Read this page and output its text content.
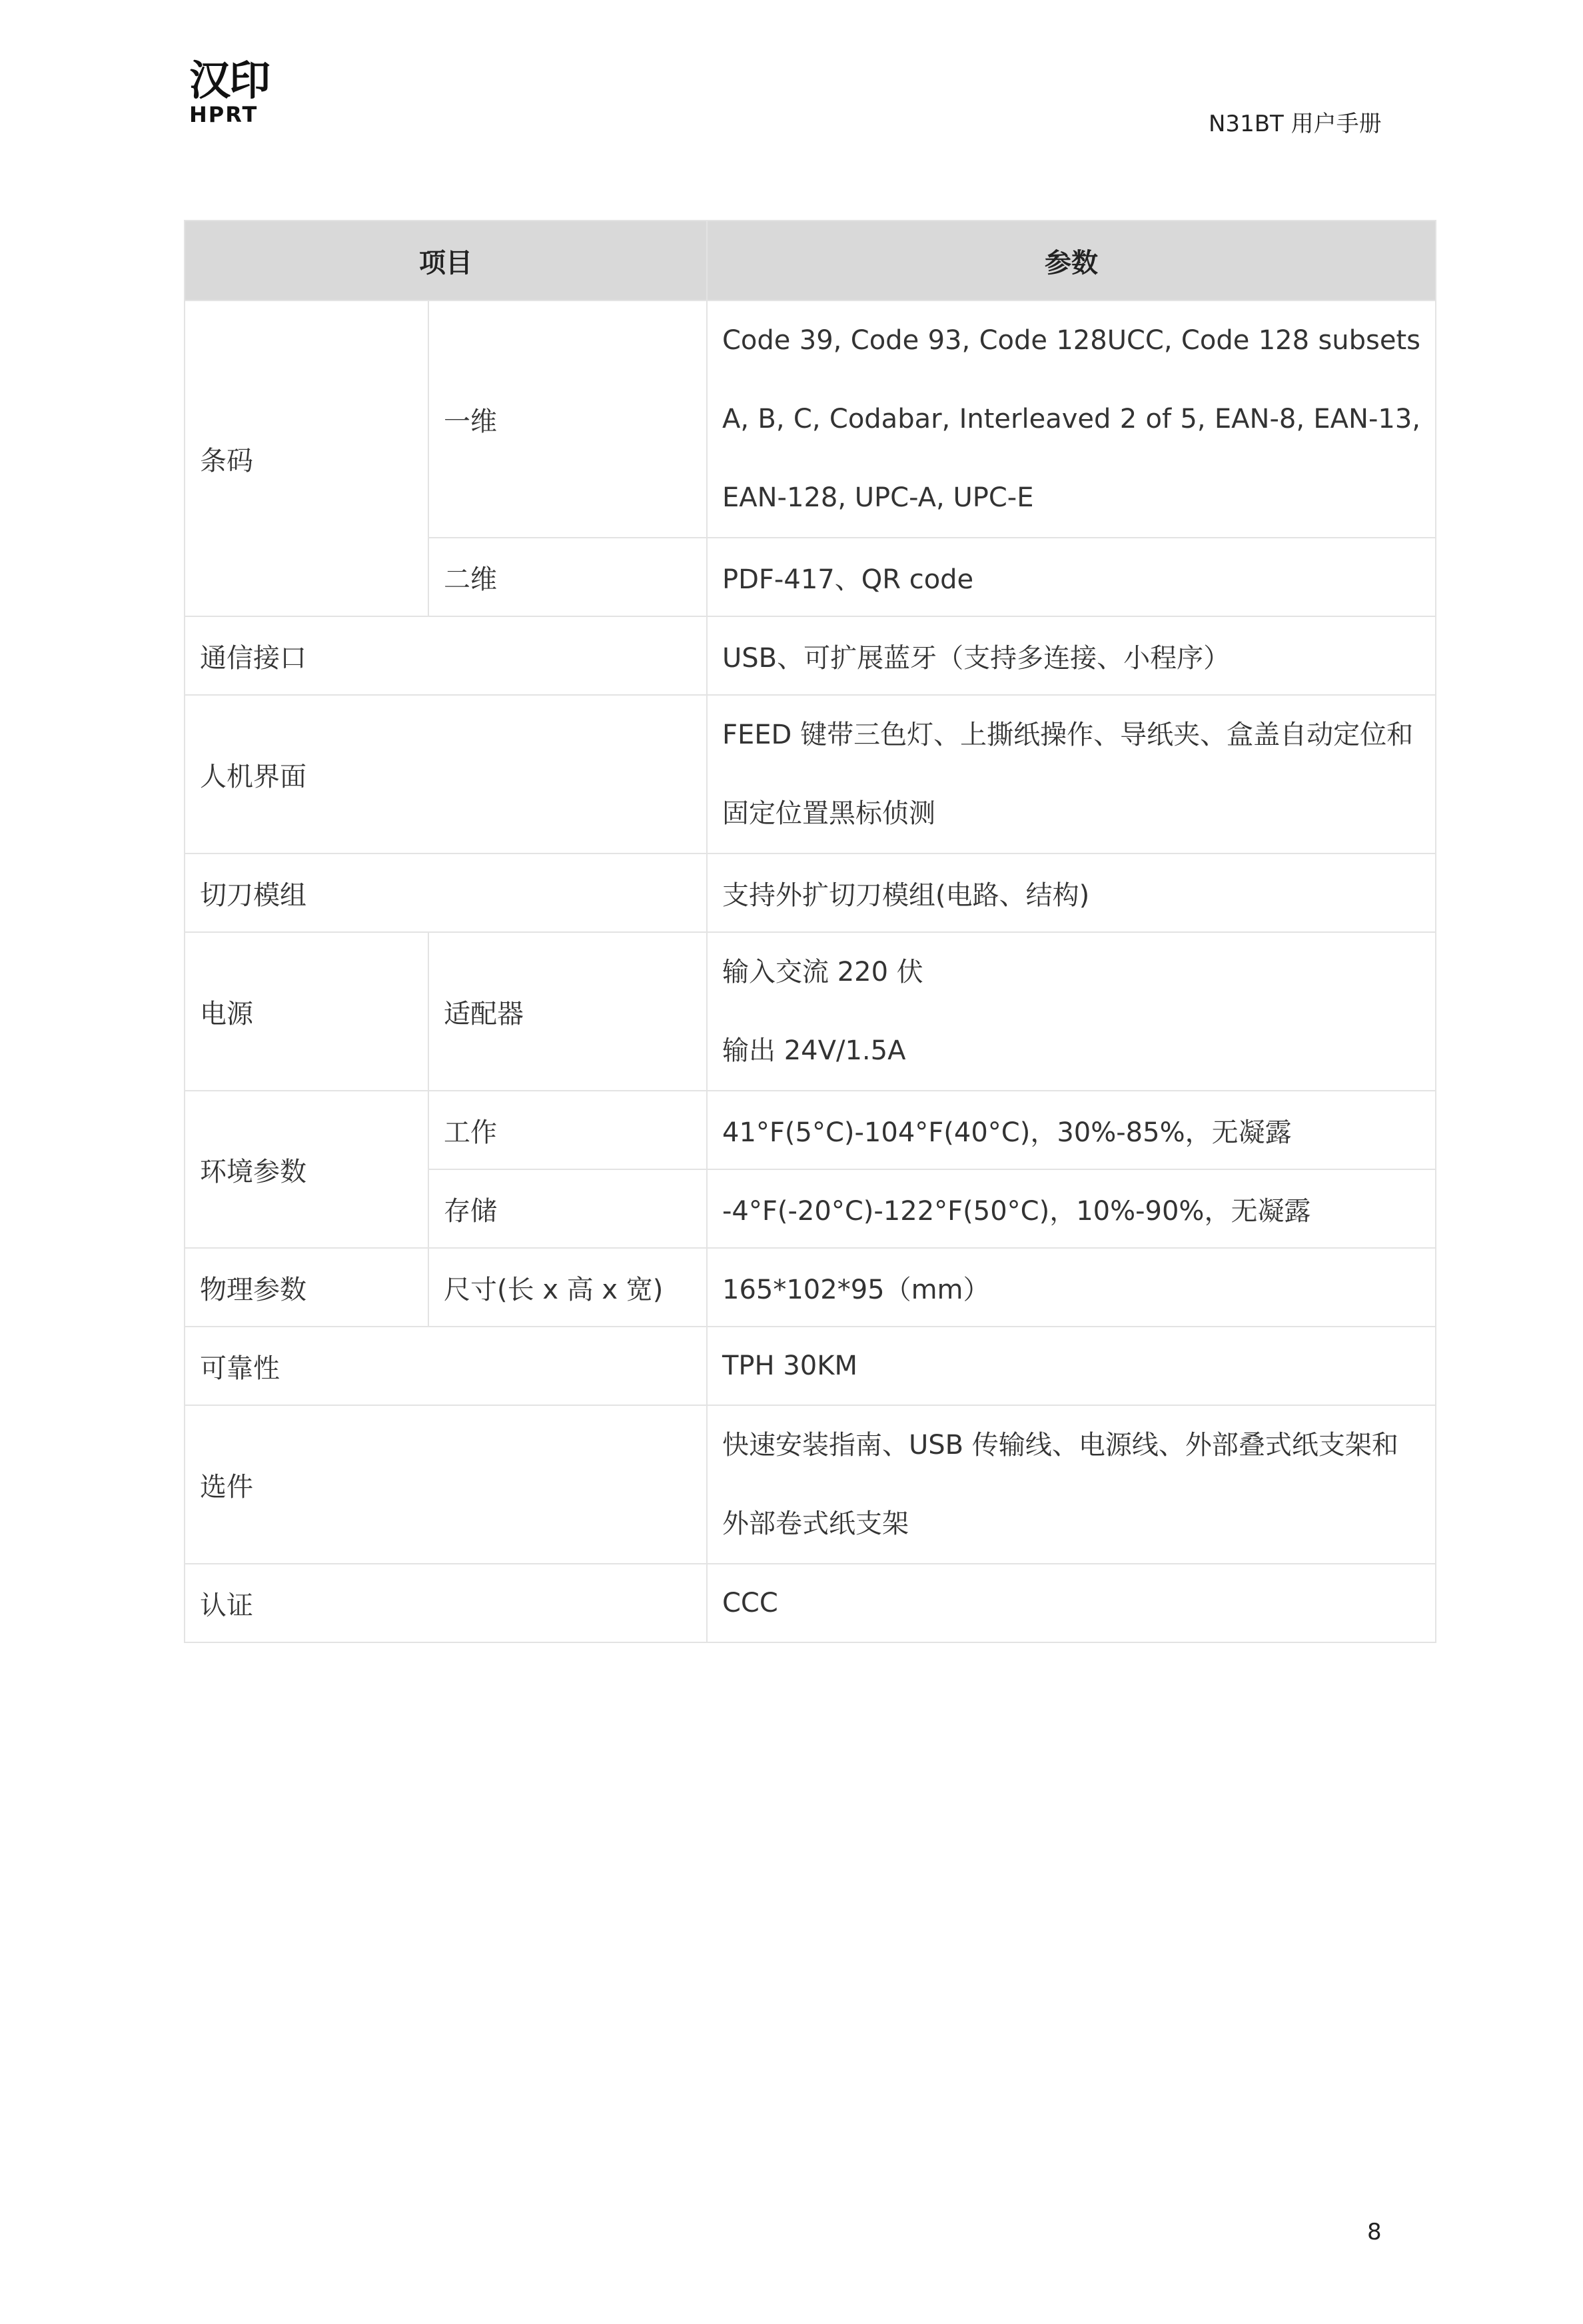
汉印
HPRT	N31BT 用户手册
项目		参数
条码	一维	Code 39, Code 93, Code 128UCC, Code 128 subsets A, B, C, Codabar, Interleaved 2 of 5, EAN-8, EAN-13, EAN-128, UPC-A, UPC-E
	二维	PDF-417、QR code
通信接口		USB、可扩展蓝牙（支持多连接、小程序）
人机界面		FEED 键带三色灯、上撕纸操作、导纸夹、盒盖自动定位和
固定位置黑标侦测

切刀模组		支持外扩切刀模组(电路、结构)
电源	适配器	输入交流 220 伏
输出 24V/1.5A

环境参数	工作	41°F(5°C)-104°F(40°C)，30%-85%，无凝露
	存储	-4°F(-20°C)-122°F(50°C)，10%-90%，无凝露
物理参数	尺寸(长 x 高 x 宽)	165*102*95（mm）
可靠性		TPH 30KM
选件		快速安装指南、USB 传输线、电源线、外部叠式纸支架和
外部卷式纸支架

认证		CCC
8
